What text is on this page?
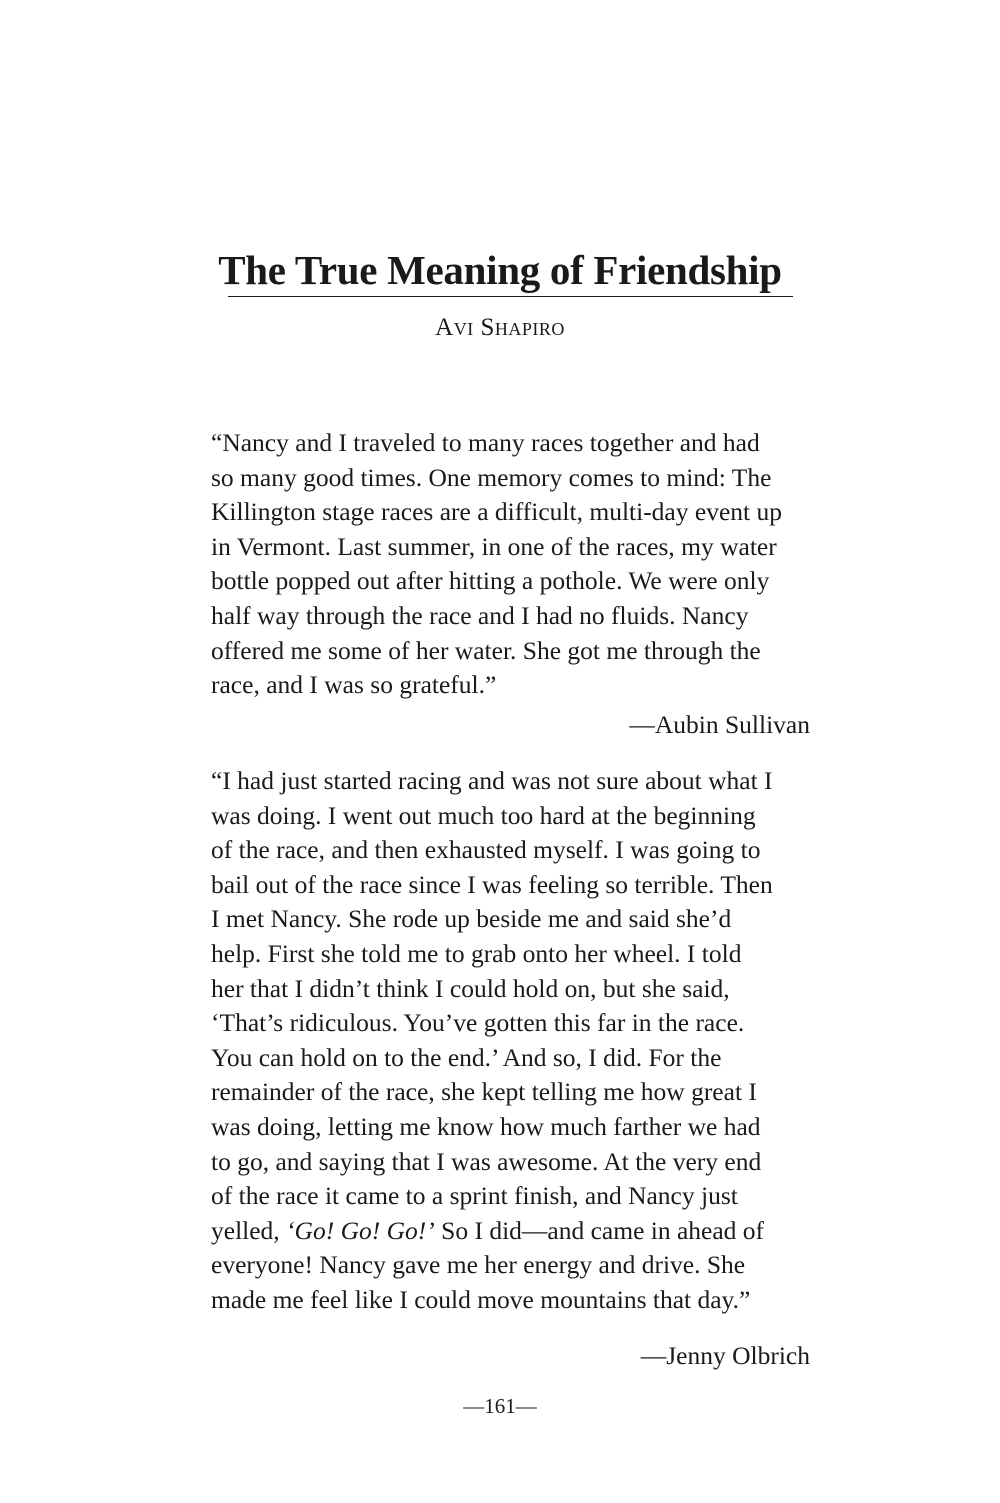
The True Meaning of Friendship

Avi Shapiro

“Nancy and I traveled to many races together and had
so many good times. One memory comes to mind: The
Killington stage races are a difficult, multi-day event up
in Vermont. Last summer, in one of the races, my water
bottle popped out after hitting a pothole. We were only
half way through the race and I had no fluids. Nancy
offered me some of her water. She got me through the
race, and I was so grateful.”

—Aubin Sullivan

“I had just started racing and was not sure about what I
was doing. I went out much too hard at the beginning
of the race, and then exhausted myself. I was going to
bail out of the race since I was feeling so terrible. Then
I met Nancy. She rode up beside me and said she’d
help. First she told me to grab onto her wheel. I told
her that I didn’t think I could hold on, but she said,
‘That’s ridiculous. You’ve gotten this far in the race.
You can hold on to the end.’ And so, I did. For the
remainder of the race, she kept telling me how great I
was doing, letting me know how much farther we had
to go, and saying that I was awesome. At the very end
of the race it came to a sprint finish, and Nancy just
yelled, ‘Go! Go! Go!’ So I did—and came in ahead of
everyone! Nancy gave me her energy and drive. She
made me feel like I could move mountains that day.”

—Jenny Olbrich

—161—
